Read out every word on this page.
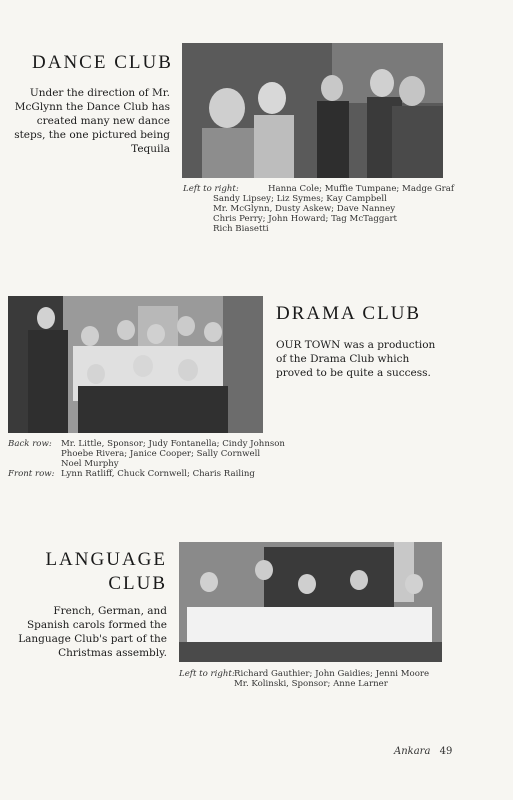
DANCE CLUB
Under the direction of Mr. McGlynn the Dance Club has created many new dance steps, the one pictured being Tequila
Left to right:	Hanna Cole; Muffie Tumpane; Madge Graf
Sandy Lipsey; Liz Symes; Kay Campbell
Mr. McGlynn, Dusty Askew; Dave Nanney
Chris Perry; John Howard; Tag McTaggart
Rich Biasetti
DRAMA CLUB
OUR TOWN was a production of the Drama Club which proved to be quite a success.
Back row: Mr. Little, Sponsor; Judy Fontanella; Cindy Johnson
Phoebe Rivera; Janice Cooper; Sally Cornwell
Noel Murphy
Front row: Lynn Ratliff, Chuck Cornwell; Charis Railing
LANGUAGE
CLUB
French, German, and Spanish carols formed the Language Club's part of the Christmas assembly.
Left to right: Richard Gauthier; John Gaidies; Jenni Moore
Mr. Kolinski, Sponsor; Anne Larner
Ankara 49
